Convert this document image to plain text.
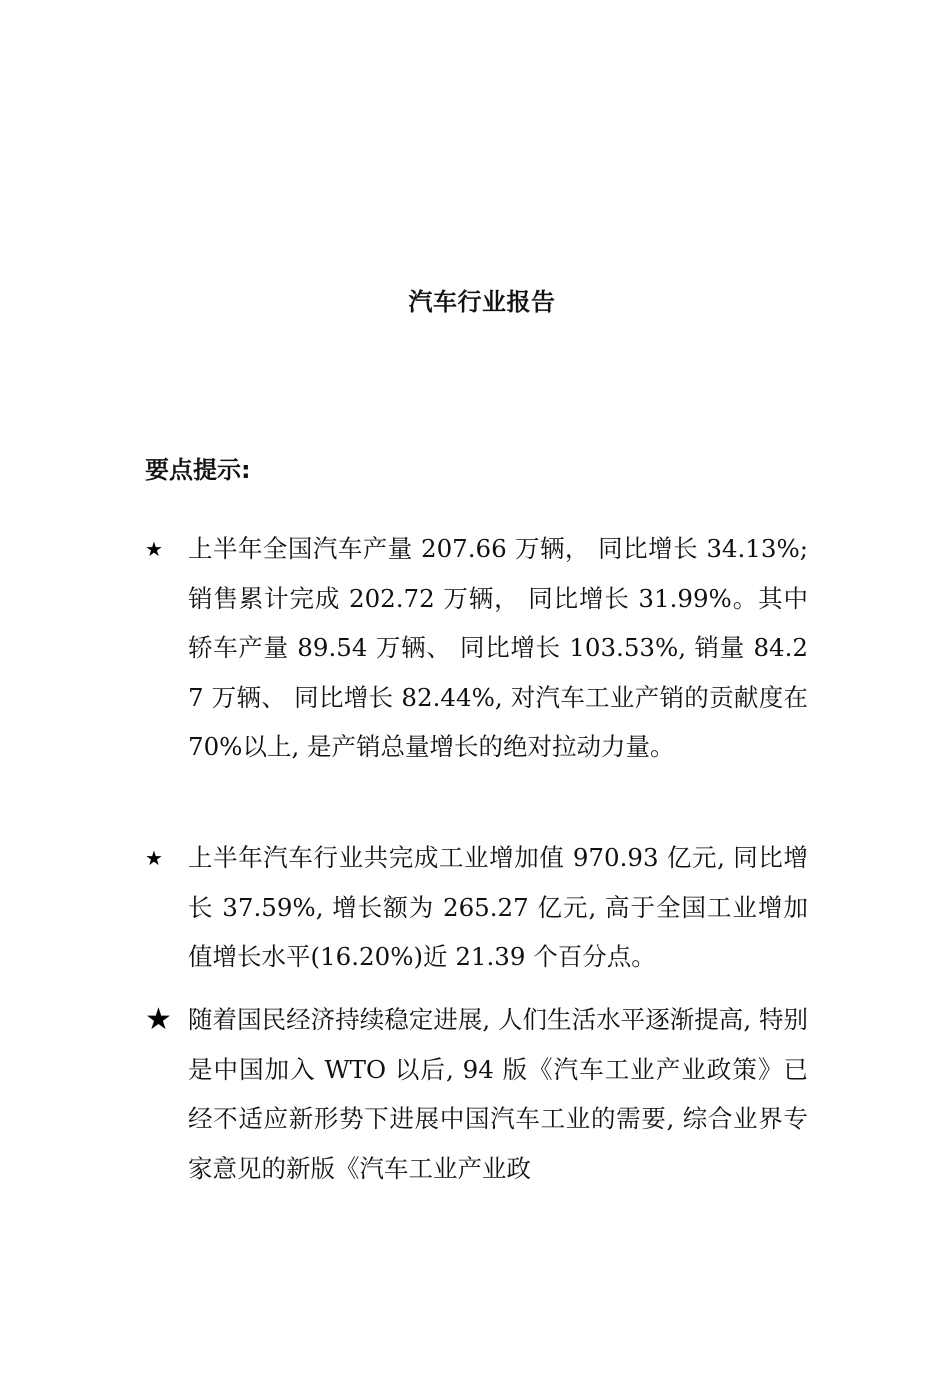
汽车行业报告
要点提示:
★	上半年全国汽车产量 207.66 万辆， 同比增长 34.13%; 销售累计完成 202.72 万辆， 同比增长 31.99%。其中轿车产量 89.54 万辆、 同比增长 103.53%, 销量 84.27 万辆、 同比增长 82.44%, 对汽车工业产销的贡献度在 70%以上, 是产销总量增长的绝对拉动力量。
★	上半年汽车行业共完成工业增加值 970.93 亿元, 同比增长 37.59%, 增长额为 265.27 亿元, 高于全国工业增加值增长水平(16.20%)近 21.39 个百分点。
★ 随着国民经济持续稳定进展, 人们生活水平逐渐提高, 特别是中国加入 WTO 以后, 94 版《汽车工业产业政策》已经不适应新形势下进展中国汽车工业的需要, 综合业界专家意见的新版《汽车工业产业政
